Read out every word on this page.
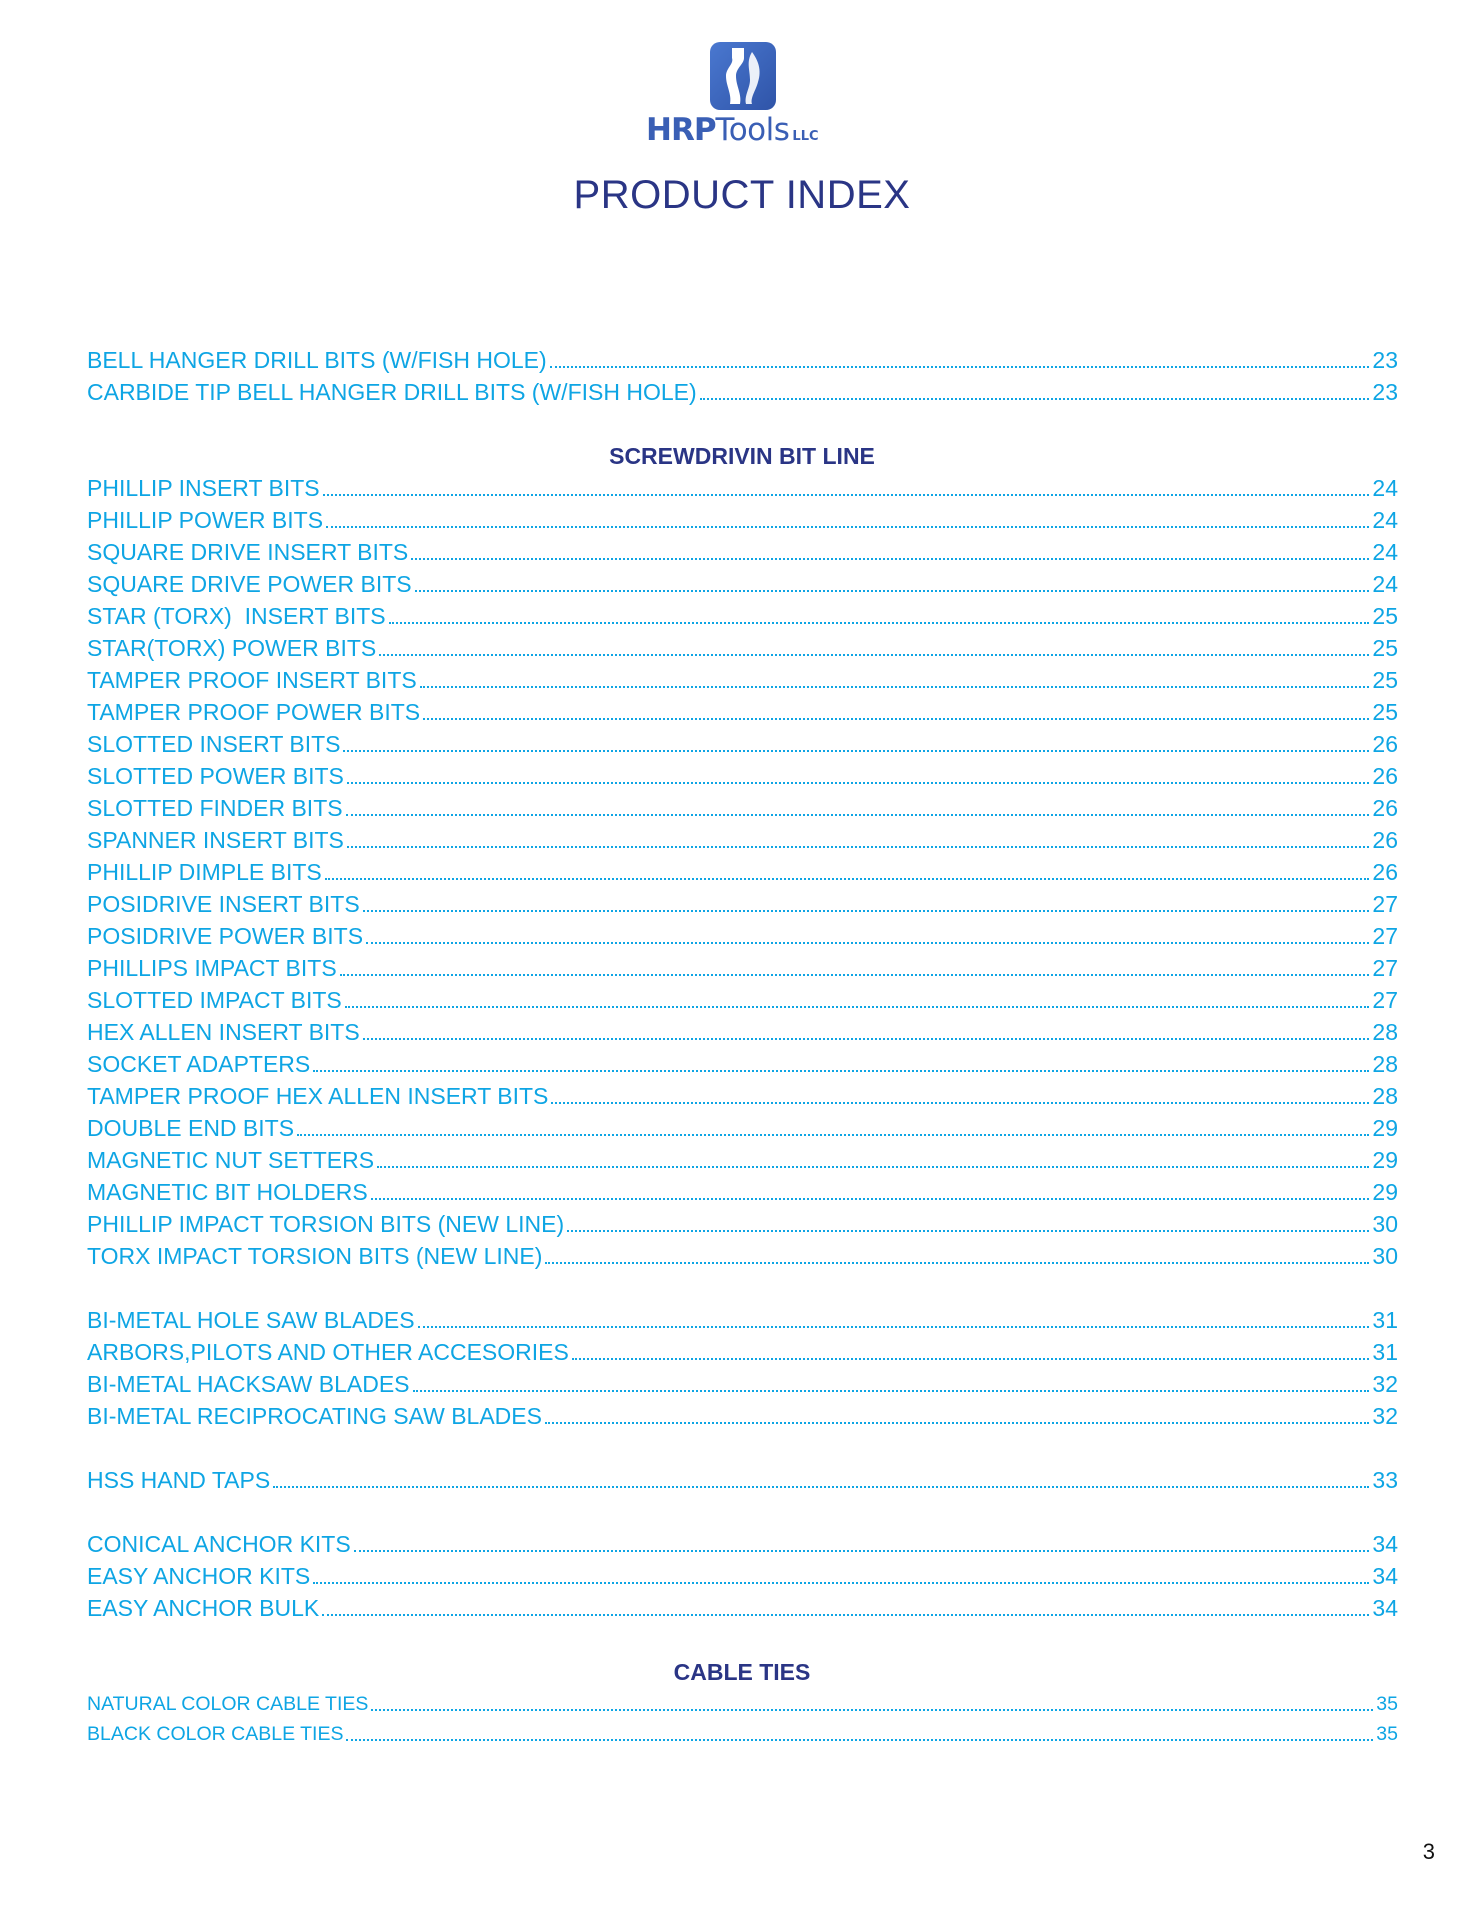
HRPTools LLC
PRODUCT INDEX
BELL HANGER DRILL BITS (W/FISH HOLE)	23
CARBIDE TIP BELL HANGER DRILL BITS (W/FISH HOLE)	23
SCREWDRIVIN BIT LINE
PHILLIP INSERT BITS	24
PHILLIP POWER BITS	24
SQUARE DRIVE INSERT BITS	24
SQUARE DRIVE POWER BITS	24
STAR (TORX)  INSERT BITS	25
STAR(TORX) POWER BITS	25
TAMPER PROOF INSERT BITS	25
TAMPER PROOF POWER BITS	25
SLOTTED INSERT BITS	26
SLOTTED POWER BITS	26
SLOTTED FINDER BITS	26
SPANNER INSERT BITS	26
PHILLIP DIMPLE BITS	26
POSIDRIVE INSERT BITS	27
POSIDRIVE POWER BITS	27
PHILLIPS IMPACT BITS	27
SLOTTED IMPACT BITS	27
HEX ALLEN INSERT BITS	28
SOCKET ADAPTERS	28
TAMPER PROOF HEX ALLEN INSERT BITS	28
DOUBLE END BITS	29
MAGNETIC NUT SETTERS	29
MAGNETIC BIT HOLDERS	29
PHILLIP IMPACT TORSION BITS (NEW LINE)	30
TORX IMPACT TORSION BITS (NEW LINE)	30
BI-METAL HOLE SAW BLADES	31
ARBORS,PILOTS AND OTHER ACCESORIES	31
BI-METAL HACKSAW BLADES	32
BI-METAL RECIPROCATING SAW BLADES	32
HSS HAND TAPS	33
CONICAL ANCHOR KITS	34
EASY ANCHOR KITS	34
EASY ANCHOR BULK	34
CABLE TIES
NATURAL COLOR CABLE TIES	35
BLACK COLOR CABLE TIES	35
3
